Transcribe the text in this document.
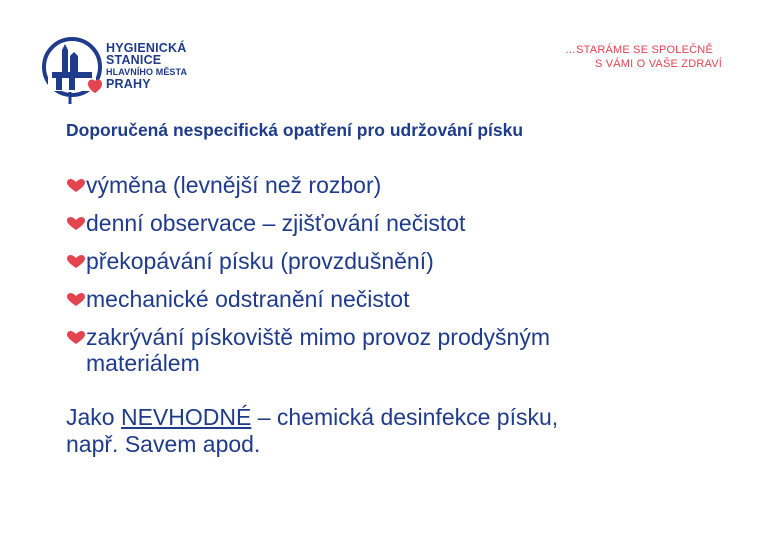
HYGIENICKÁ
STANICE
HLAVNÍHO MĚSTA
PRAHY
…STARÁME SE SPOLEČNĚ
S VÁMI O VAŠE ZDRAVÍ
Doporučená nespecifická opatření pro udržování písku
výměna (levnější než rozbor)
denní observace – zjišťování nečistot
překopávání písku (provzdušnění)
mechanické odstranění nečistot
zakrývání pískoviště mimo provoz prodyšným
materiálem
Jako NEVHODNÉ – chemická desinfekce písku,
např. Savem apod.
